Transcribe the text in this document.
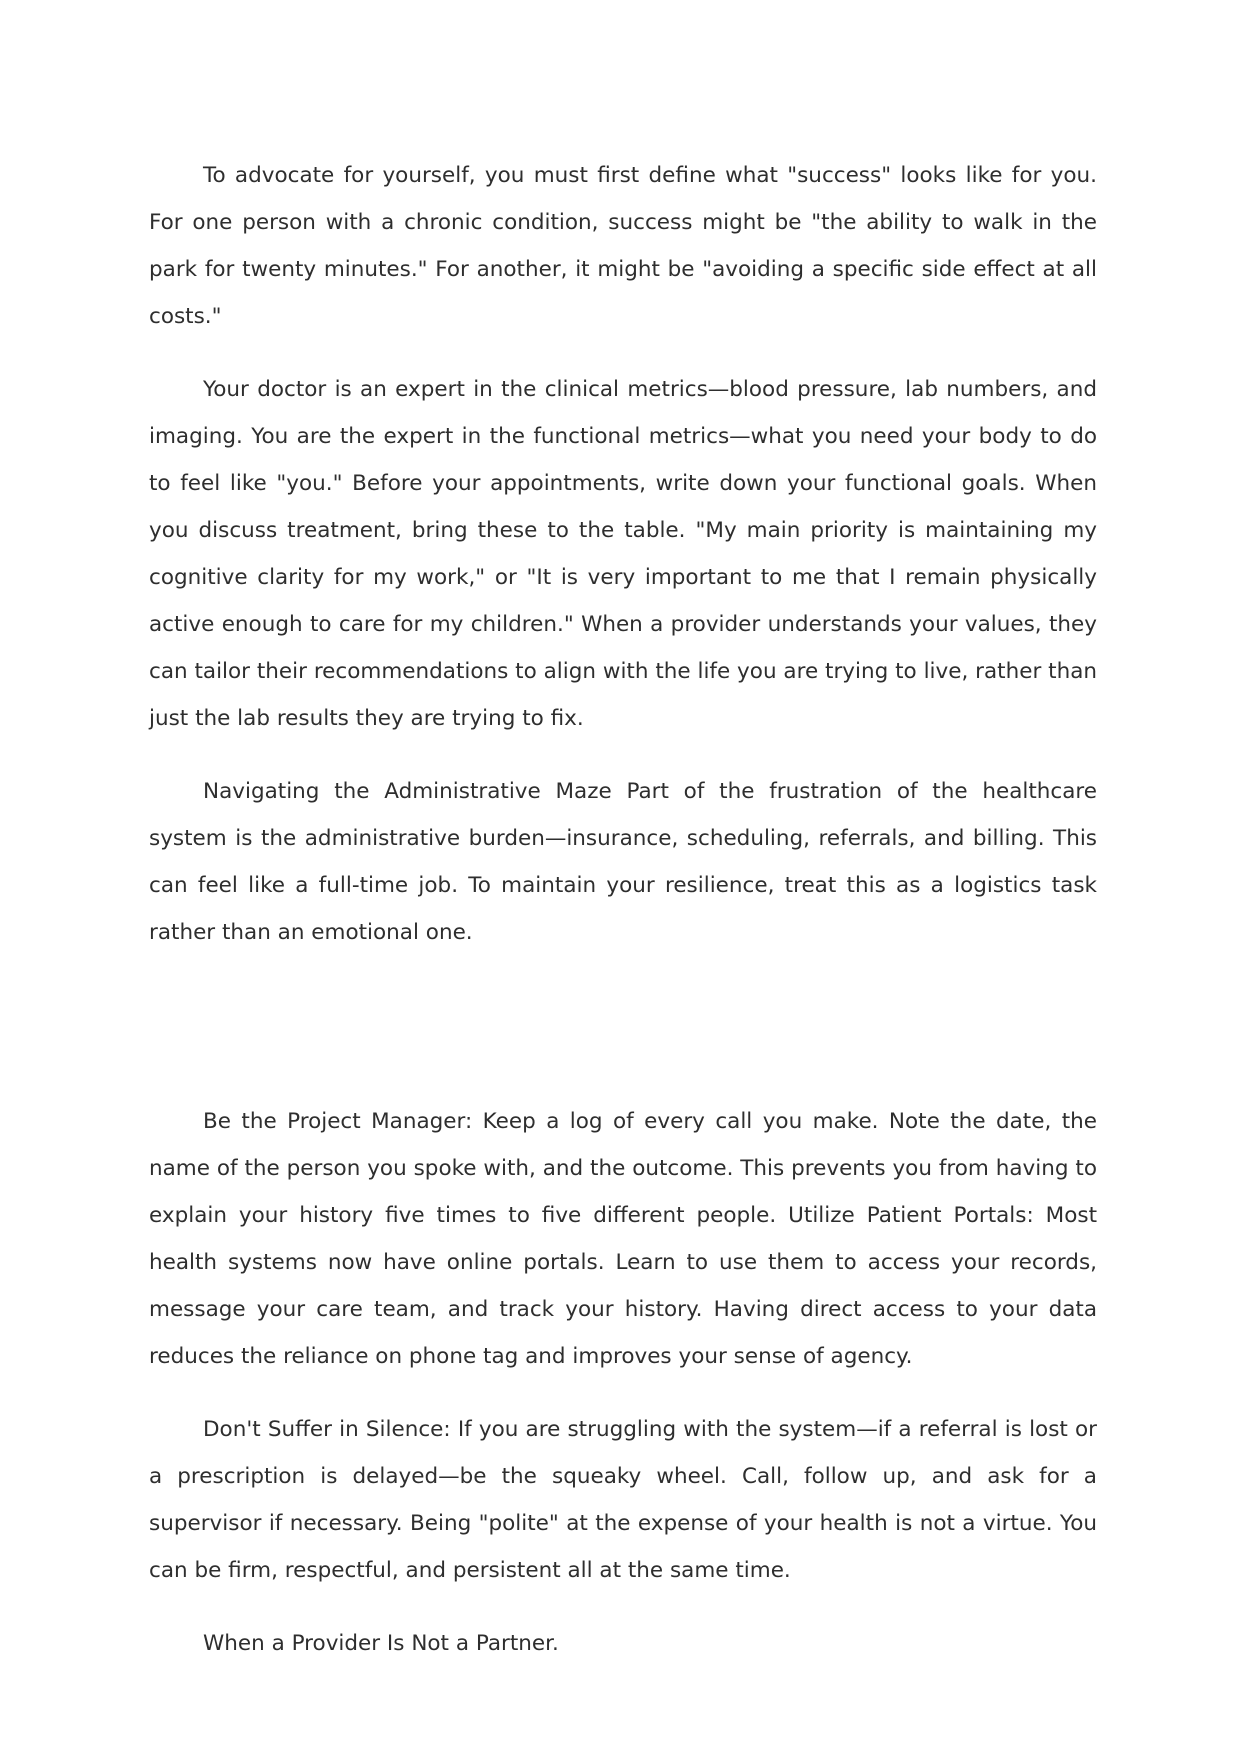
To advocate for yourself, you must first define what "success" looks like for you. For one person with a chronic condition, success might be "the ability to walk in the park for twenty minutes." For another, it might be "avoiding a specific side effect at all costs."

Your doctor is an expert in the clinical metrics—blood pressure, lab numbers, and imaging. You are the expert in the functional metrics—what you need your body to do to feel like "you." Before your appointments, write down your functional goals. When you discuss treatment, bring these to the table. "My main priority is maintaining my cognitive clarity for my work," or "It is very important to me that I remain physically active enough to care for my children." When a provider understands your values, they can tailor their recommendations to align with the life you are trying to live, rather than just the lab results they are trying to fix.

Navigating the Administrative Maze Part of the frustration of the healthcare system is the administrative burden—insurance, scheduling, referrals, and billing. This can feel like a full-time job. To maintain your resilience, treat this as a logistics task rather than an emotional one.

Be the Project Manager: Keep a log of every call you make. Note the date, the name of the person you spoke with, and the outcome. This prevents you from having to explain your history five times to five different people. Utilize Patient Portals: Most health systems now have online portals. Learn to use them to access your records, message your care team, and track your history. Having direct access to your data reduces the reliance on phone tag and improves your sense of agency.

Don't Suffer in Silence: If you are struggling with the system—if a referral is lost or a prescription is delayed—be the squeaky wheel. Call, follow up, and ask for a supervisor if necessary. Being "polite" at the expense of your health is not a virtue. You can be firm, respectful, and persistent all at the same time.

When a Provider Is Not a Partner.
